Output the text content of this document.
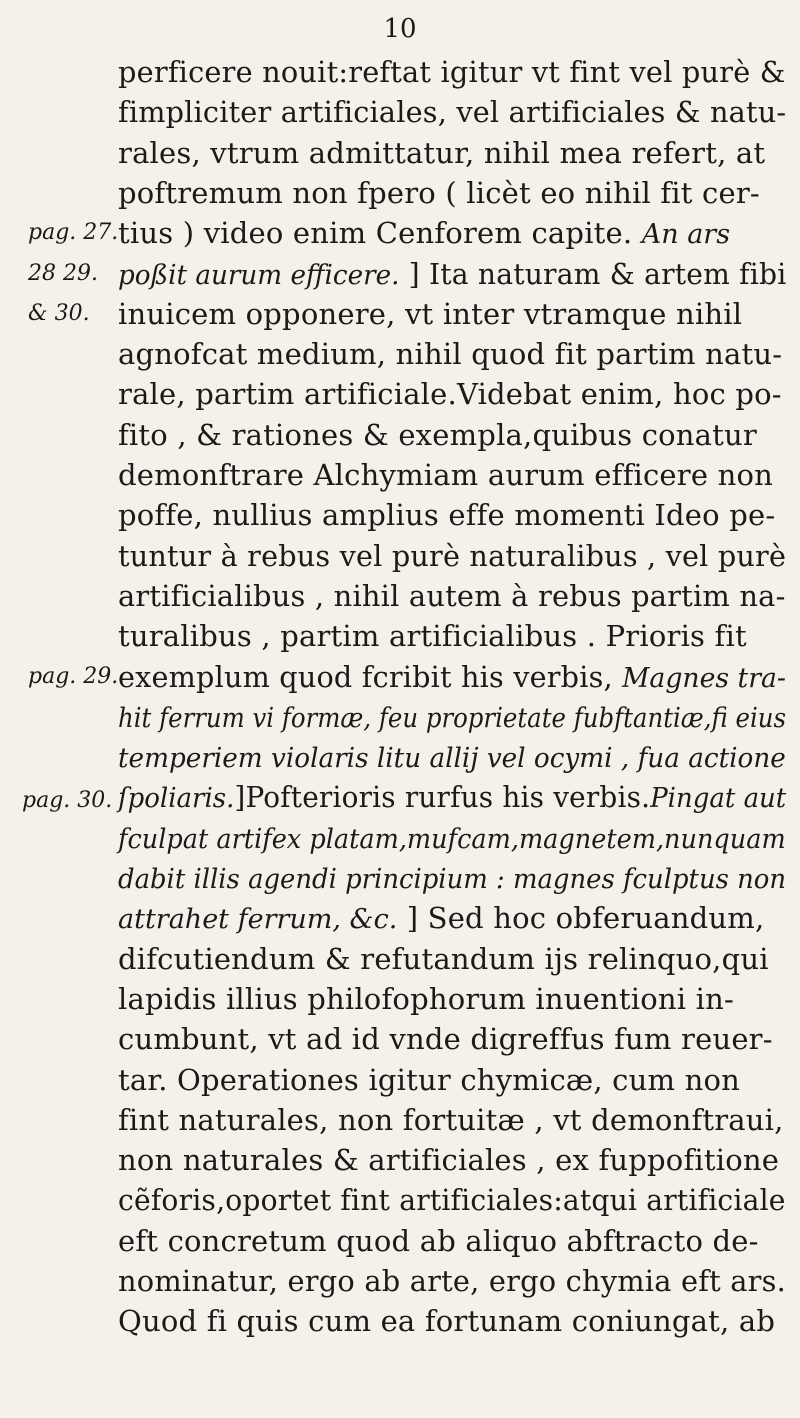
10
pag. 27.
28 29.
& 30.
pag. 29.
pag. 30.
perficere nouit:reftat igitur vt fint vel purè &
fimpliciter artificiales, vel artificiales & natu-
rales, vtrum admittatur, nihil mea refert, at
poftremum non fpero ( licèt eo nihil fit cer-
tius ) video enim Cenforem capite. An ars
poßit aurum efficere. ] Ita naturam & artem fibi
inuicem opponere, vt inter vtramque nihil
agnofcat medium, nihil quod fit partim natu-
rale, partim artificiale.Videbat enim, hoc po-
fito , & rationes & exempla,quibus conatur
demonftrare Alchymiam aurum efficere non
poffe, nullius amplius effe momenti Ideo pe-
tuntur à rebus vel purè naturalibus , vel purè
artificialibus , nihil autem à rebus partim na-
turalibus , partim artificialibus . Prioris fit
exemplum quod fcribit his verbis, Magnes tra-
hit ferrum vi formæ, feu proprietate fubftantiæ,fi eius
temperiem violaris litu allij vel ocymi , fua actione
ſpoliaris.]Pofterioris rurfus his verbis.Pingat aut
fculpat artifex platam,mufcam,magnetem,nunquam
dabit illis agendi principium : magnes fculptus non
attrahet ferrum, &c. ] Sed hoc obferuandum,
difcutiendum & refutandum ijs relinquo,qui
lapidis illius philofophorum inuentioni in-
cumbunt, vt ad id vnde digreffus fum reuer-
tar. Operationes igitur chymicæ, cum non
fint naturales, non fortuitæ , vt demonftraui,
non naturales & artificiales , ex fuppofitione
cẽforis,oportet fint artificiales:atqui artificiale
eft concretum quod ab aliquo abftracto de-
nominatur, ergo ab arte, ergo chymia eft ars.
Quod fi quis cum ea fortunam coniungat, ab
